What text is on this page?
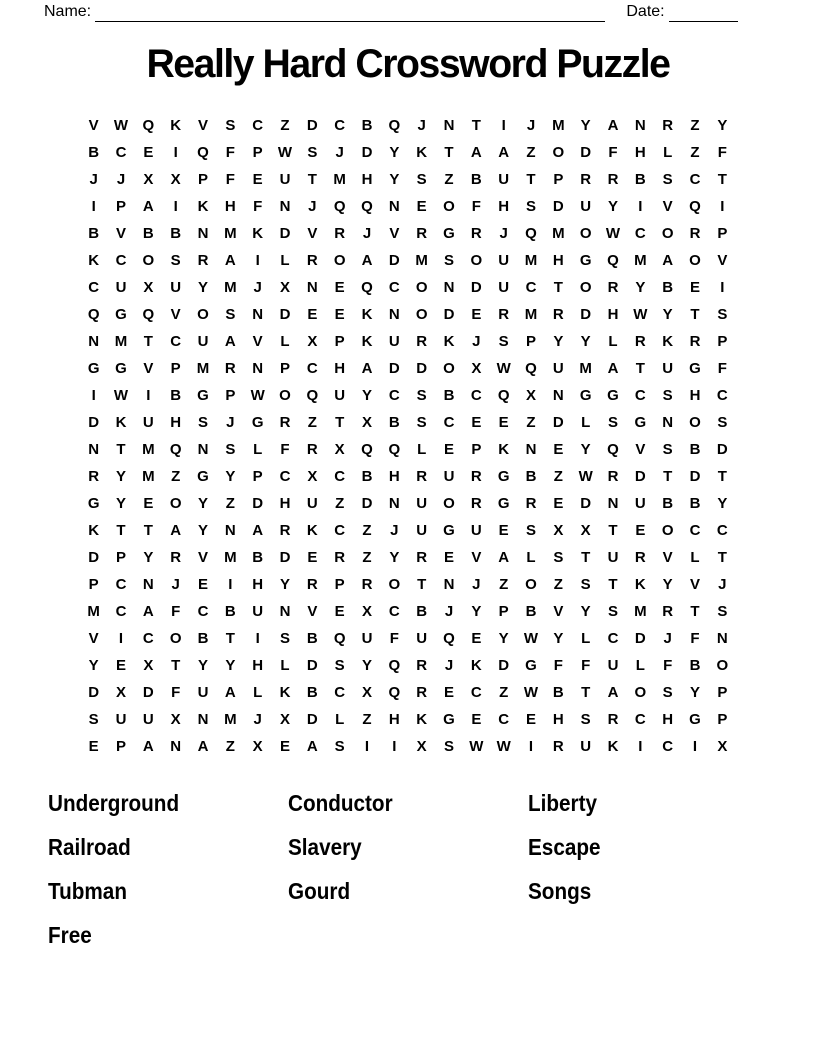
Name:	Date:
Really Hard Crossword Puzzle
V	W Q	K	V	S	C	Z	D	C	B	Q	J	N	T	I	J	M	Y	A	N	R	Z	Y
B	C	E	I	Q	F	P	W	S	J	D	Y	K	T	A	A	Z	O	D	F	H	L	Z	F
J	J	X	X	P	F	E	U	T	M	H	Y	S	Z	B	U	T	P	R	R	B	S	C	T
I	P	A	I	K	H	F	N	J	Q	Q	N	E	O	F	H	S	D	U	Y	I	V	Q	I
B	V	B	B	N	M	K	D	V	R	J	V	R	G	R	J	Q	M	O W C	O	R	P
K	C	O	S	R	A	I	L	R	O	A	D	M	S	O	U	M	H	G	Q	M	A	O	V
C	U	X	U	Y	M	J	X	N	E	Q	C	O	N	D	U	C	T	O	R	Y	B	E	I
Q	G	Q	V	O	S	N	D	E	E	K	N	O	D	E	R	M	R	D	H W	Y	T	S
N	M	T	C	U	A	V	L	X	P	K	U	R	K	J	S	P	Y	Y	L	R	K	R	P
G	G	V	P	M	R	N	P	C	H	A	D	D	O	X	W Q	U	M	A	T	U	G	F
I	W	I	B	G	P	W O	Q	U	Y	C	S	B	C	Q	X	N	G	G	C	S	H	C
D	K	U	H	S	J	G	R	Z	T	X	B	S	C	E	E	Z	D	L	S	G	N	O	S
N	T	M	Q	N	S	L	F	R	X	Q	Q	L	E	P	K	N	E	Y	Q	V	S	B	D
R	Y	M	Z	G	Y	P	C	X	C	B	H	R	U	R	G	B	Z	W R	D	T	D	T
G	Y	E	O	Y	Z	D	H	U	Z	D	N	U	O	R	G	R	E	D	N	U	B	B	Y
K	T	T	A	Y	N	A	R	K	C	Z	J	U	G	U	E	S	X	X	T	E	O	C	C
D	P	Y	R	V	M	B	D	E	R	Z	Y	R	E	V	A	L	S	T	U	R	V	L	T
P	C	N	J	E	I	H	Y	R	P	R	O	T	N	J	Z	O	Z	S	T	K	Y	V	J
M	C	A	F	C	B	U	N	V	E	X	C	B	J	Y	P	B	V	Y	S	M	R	T	S
V	I	C	O	B	T	I	S	B	Q	U	F	U	Q	E	Y	W	Y	L	C	D	J	F	N
Y	E	X	T	Y	Y	H	L	D	S	Y	Q	R	J	K	D	G	F	F	U	L	F	B	O
D	X	D	F	U	A	L	K	B	C	X	Q	R	E	C	Z	W B	T	A	O	S	Y	P
S	U	U	X	N	M	J	X	D	L	Z	H	K	G	E	C	E	H	S	R	C	H	G	P
E	P	A	N	A	Z	X	E	A	S	I	I	X	S	W W	I	R	U	K	I	C	I	X
Underground	Conductor	Liberty
Railroad	Slavery	Escape
Tubman	Gourd	Songs
Free
